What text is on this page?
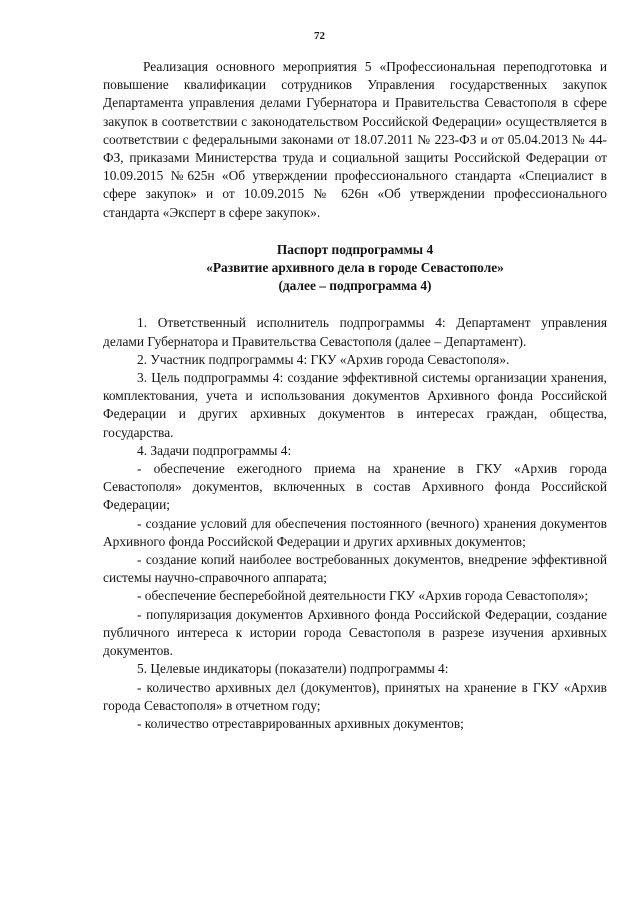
72

Реализация основного мероприятия 5 «Профессиональная переподготовка и повышение квалификации сотрудников Управления государственных закупок Департамента управления делами Губернатора и Правительства Севастополя в сфере закупок в соответствии с законодательством Российской Федерации» осуществляется в соответствии с федеральными законами от 18.07.2011 № 223-ФЗ и от 05.04.2013 № 44-ФЗ, приказами Министерства труда и социальной защиты Российской Федерации от 10.09.2015 №625н «Об утверждении профессионального стандарта «Специалист в сфере закупок» и от 10.09.2015 № 626н «Об утверждении профессионального стандарта «Эксперт в сфере закупок».

Паспорт подпрограммы 4
«Развитие архивного дела в городе Севастополе»
(далее – подпрограмма 4)

1. Ответственный исполнитель подпрограммы 4: Департамент управления делами Губернатора и Правительства Севастополя (далее – Департамент).

2. Участник подпрограммы 4: ГКУ «Архив города Севастополя».

3. Цель подпрограммы 4: создание эффективной системы организации хранения, комплектования, учета и использования документов Архивного фонда Российской Федерации и других архивных документов в интересах граждан, общества, государства.

4. Задачи подпрограммы 4:

- обеспечение ежегодного приема на хранение в ГКУ «Архив города Севастополя» документов, включенных в состав Архивного фонда Российской Федерации;

- создание условий для обеспечения постоянного (вечного) хранения документов Архивного фонда Российской Федерации и других архивных документов;

- создание копий наиболее востребованных документов, внедрение эффективной системы научно-справочного аппарата;

- обеспечение бесперебойной деятельности ГКУ «Архив города Севастополя»;

- популяризация документов Архивного фонда Российской Федерации, создание публичного интереса к истории города Севастополя в разрезе изучения архивных документов.

5. Целевые индикаторы (показатели) подпрограммы 4:

- количество архивных дел (документов), принятых на хранение в ГКУ «Архив города Севастополя» в отчетном году;

- количество отреставрированных архивных документов;
